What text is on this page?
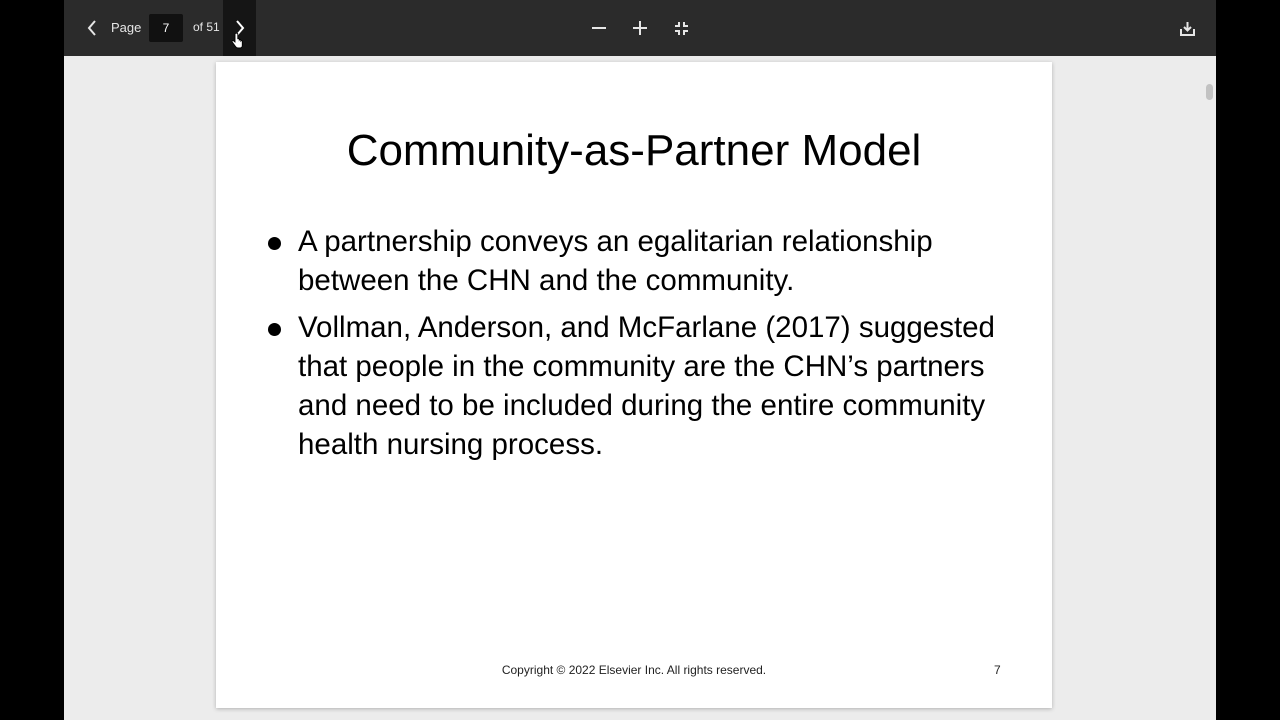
Page
7	of 51
Community-as-Partner Model
A partnership conveys an egalitarian relationship between the CHN and the community.
Vollman, Anderson, and McFarlane (2017) suggested that people in the community are the CHN’s partners and need to be included during the entire community health nursing process.
Copyright © 2022 Elsevier Inc. All rights reserved.	7
